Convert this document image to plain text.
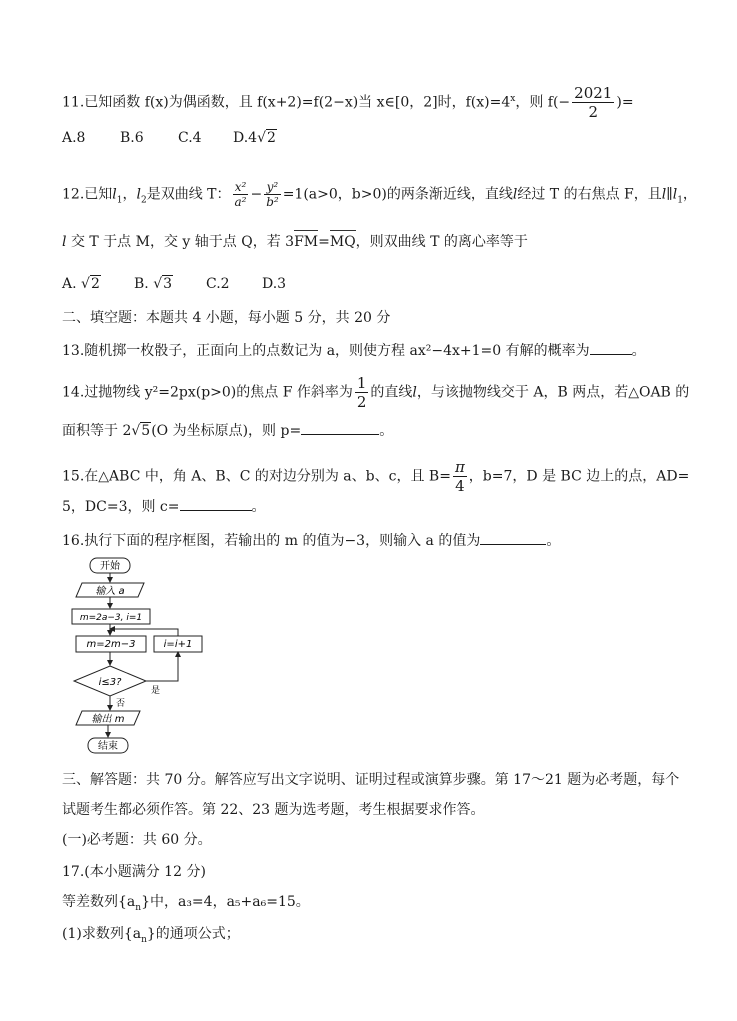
11.已知函数 f(x)为偶函数，且 f(x+2)=f(2−x)当 x∈[0，2]时，$f(x)=4^x$，则 $f(- \frac{2021}{2}$ )=
A.8 B.6 C.4 D.4√2
12.已知$l_1$，$l_2$是双曲线 T： $\frac{\text{x²}}{\text{a²}} - \frac{\text{y²}}{\text{b²}} =1(a>0$，b>0)的两条渐近线，直线l经过 T 的右焦点 F，且$l\parallel l_1$，
l 交 T 于点 M，交 y 轴于点 Q，若 3FM=MQ，则双曲线 T 的离心率等于
A. √2 B. √3 C.2 D.3
二、填空题：本题共 4 小题，每小题 5 分，共 20 分
13.随机掷一枚骰子，正面向上的点数记为 a，则使方程 ax²−4x+1=0 有解的概率为	。
14.过抛物线 y²=2px(p>0)的焦点 F 作斜率为 $\frac{1}{2}$ 的直线l，与该抛物线交于 A，B 两点，若△OAB 的
面积等于 2√5(O 为坐标原点)，则 p=	。
15.在△ABC 中，角 A、B、C 的对边分别为 a、b、c，且 $B= \frac{\pi}{4}$ ，b=7，D 是 BC 边上的点，AD=
5，DC=3，则 c=	。
16.执行下面的程序框图，若输出的 m 的值为−3，则输入 a 的值为	。
开始
输入 a
m=2a−3, i=1
m=2m−3	i=i+1
i≤3?
是
否
输出 m
结束
三、解答题：共 70 分。解答应写出文字说明、证明过程或演算步骤。第 17～21 题为必考题，每个
试题考生都必须作答。第 22、23 题为选考题，考生根据要求作答。
(一)必考题：共 60 分。
17.(本小题满分 12 分)
等差数列$\{a_n\}$中，a₃=4，a₅+a₆=15。
(1)求数列$\{a_n\}$的通项公式；
